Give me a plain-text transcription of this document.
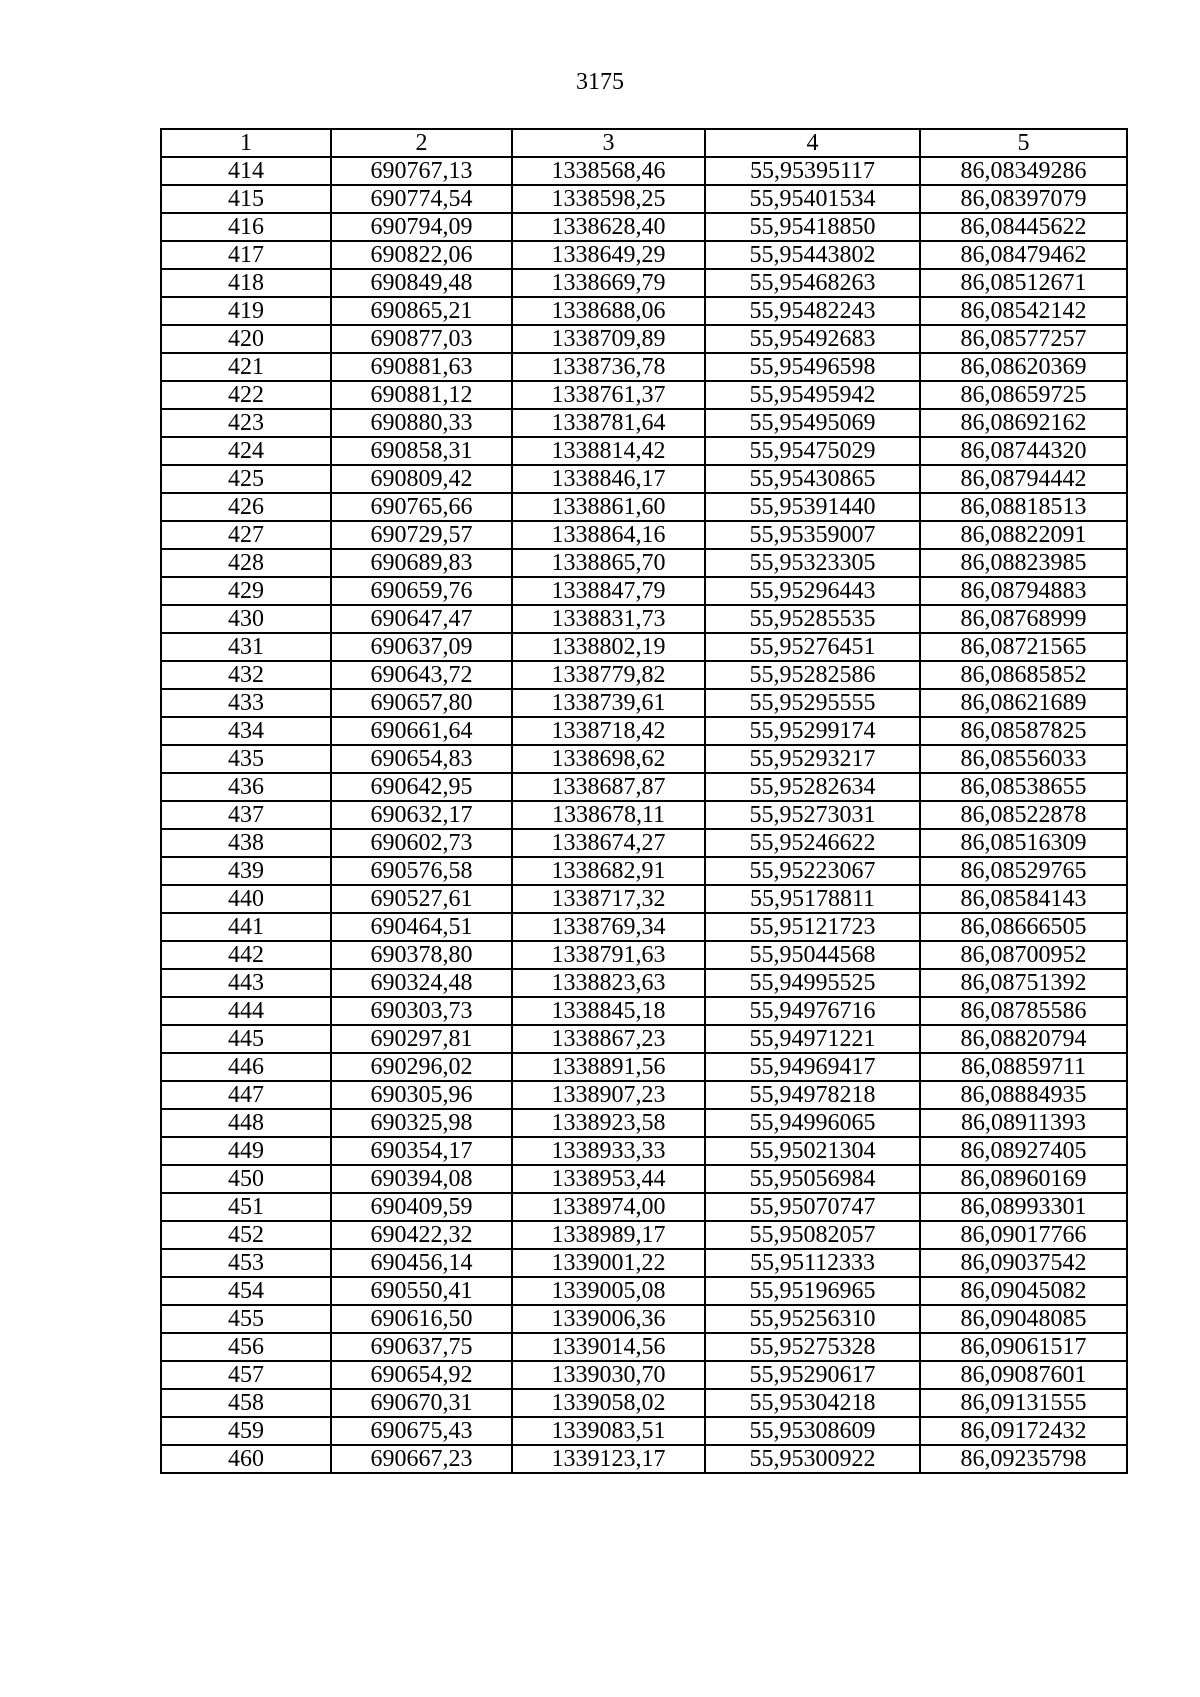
3175
1	2	3	4	5
414	690767,13	1338568,46	55,95395117	86,08349286
415	690774,54	1338598,25	55,95401534	86,08397079
416	690794,09	1338628,40	55,95418850	86,08445622
417	690822,06	1338649,29	55,95443802	86,08479462
418	690849,48	1338669,79	55,95468263	86,08512671
419	690865,21	1338688,06	55,95482243	86,08542142
420	690877,03	1338709,89	55,95492683	86,08577257
421	690881,63	1338736,78	55,95496598	86,08620369
422	690881,12	1338761,37	55,95495942	86,08659725
423	690880,33	1338781,64	55,95495069	86,08692162
424	690858,31	1338814,42	55,95475029	86,08744320
425	690809,42	1338846,17	55,95430865	86,08794442
426	690765,66	1338861,60	55,95391440	86,08818513
427	690729,57	1338864,16	55,95359007	86,08822091
428	690689,83	1338865,70	55,95323305	86,08823985
429	690659,76	1338847,79	55,95296443	86,08794883
430	690647,47	1338831,73	55,95285535	86,08768999
431	690637,09	1338802,19	55,95276451	86,08721565
432	690643,72	1338779,82	55,95282586	86,08685852
433	690657,80	1338739,61	55,95295555	86,08621689
434	690661,64	1338718,42	55,95299174	86,08587825
435	690654,83	1338698,62	55,95293217	86,08556033
436	690642,95	1338687,87	55,95282634	86,08538655
437	690632,17	1338678,11	55,95273031	86,08522878
438	690602,73	1338674,27	55,95246622	86,08516309
439	690576,58	1338682,91	55,95223067	86,08529765
440	690527,61	1338717,32	55,95178811	86,08584143
441	690464,51	1338769,34	55,95121723	86,08666505
442	690378,80	1338791,63	55,95044568	86,08700952
443	690324,48	1338823,63	55,94995525	86,08751392
444	690303,73	1338845,18	55,94976716	86,08785586
445	690297,81	1338867,23	55,94971221	86,08820794
446	690296,02	1338891,56	55,94969417	86,08859711
447	690305,96	1338907,23	55,94978218	86,08884935
448	690325,98	1338923,58	55,94996065	86,08911393
449	690354,17	1338933,33	55,95021304	86,08927405
450	690394,08	1338953,44	55,95056984	86,08960169
451	690409,59	1338974,00	55,95070747	86,08993301
452	690422,32	1338989,17	55,95082057	86,09017766
453	690456,14	1339001,22	55,95112333	86,09037542
454	690550,41	1339005,08	55,95196965	86,09045082
455	690616,50	1339006,36	55,95256310	86,09048085
456	690637,75	1339014,56	55,95275328	86,09061517
457	690654,92	1339030,70	55,95290617	86,09087601
458	690670,31	1339058,02	55,95304218	86,09131555
459	690675,43	1339083,51	55,95308609	86,09172432
460	690667,23	1339123,17	55,95300922	86,09235798
